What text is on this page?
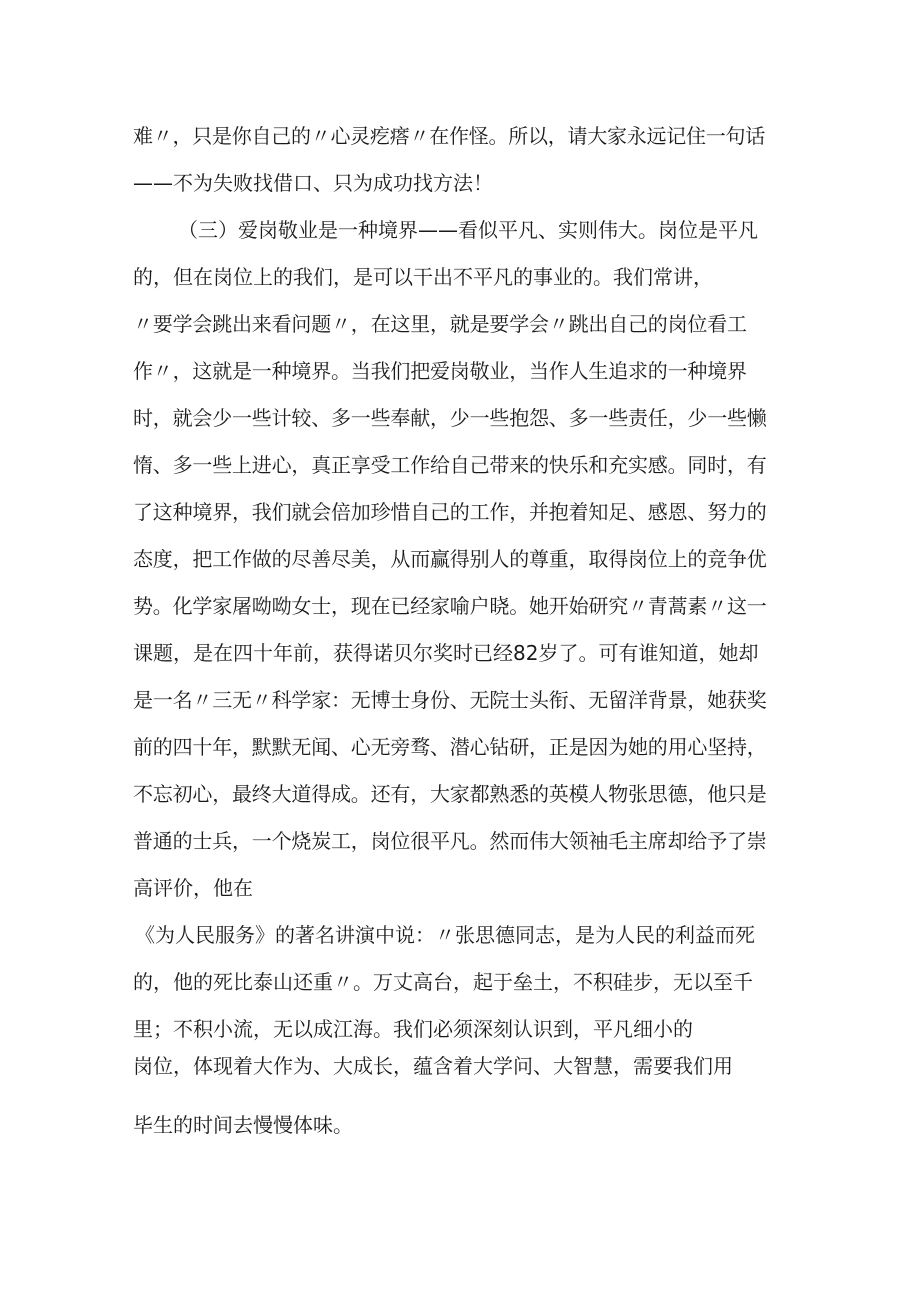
难〃，只是你自己的〃心灵疙瘩〃在作怪。所以，请大家永远记住一句话

——不为失败找借口、只为成功找方法！

（三）爱岗敬业是一种境界——看似平凡、实则伟大。岗位是平凡

的，但在岗位上的我们，是可以干出不平凡的事业的。我们常讲，

〃要学会跳出来看问题〃，在这里，就是要学会〃跳出自己的岗位看工

作〃，这就是一种境界。当我们把爱岗敬业，当作人生追求的一种境界

时，就会少一些计较、多一些奉献，少一些抱怨、多一些责任，少一些懒

惰、多一些上进心，真正享受工作给自己带来的快乐和充实感。同时，有

了这种境界，我们就会倍加珍惜自己的工作，并抱着知足、感恩、努力的

态度，把工作做的尽善尽美，从而赢得别人的尊重，取得岗位上的竞争优

势。化学家屠呦呦女士，现在已经家喻户晓。她开始研究〃青蒿素〃这一

课题，是在四十年前，获得诺贝尔奖时已经82岁了。可有谁知道，她却

是一名〃三无〃科学家：无博士身份、无院士头衔、无留洋背景，她获奖

前的四十年，默默无闻、心无旁骛、潜心钻研，正是因为她的用心坚持，

不忘初心，最终大道得成。还有，大家都熟悉的英模人物张思德，他只是

普通的士兵，一个烧炭工，岗位很平凡。然而伟大领袖毛主席却给予了崇

高评价，他在

《为人民服务》的著名讲演中说：〃张思德同志，是为人民的利益而死

的，他的死比泰山还重〃。万丈高台，起于垒土，不积硅步，无以至千

里；不积小流，无以成江海。我们必须深刻认识到，平凡细小的

岗位，体现着大作为、大成长，蕴含着大学问、大智慧，需要我们用

毕生的时间去慢慢体味。
